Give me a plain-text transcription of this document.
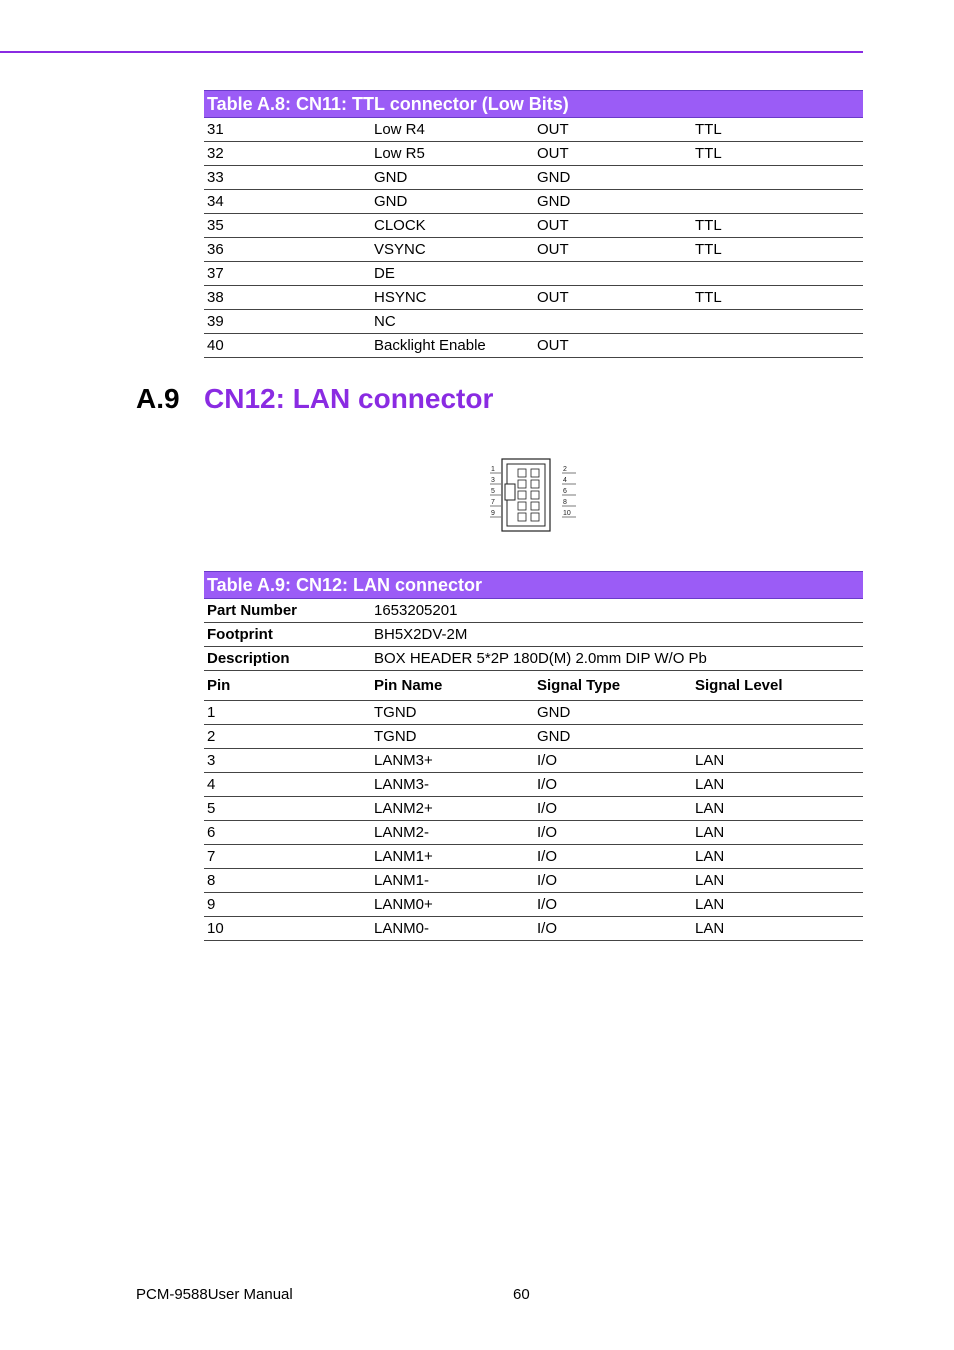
Table A.8: CN11: TTL connector (Low Bits)			
31	Low R4	OUT	TTL
32	Low R5	OUT	TTL
33	GND	GND	
34	GND	GND	
35	CLOCK	OUT	TTL
36	VSYNC	OUT	TTL
37	DE		
38	HSYNC	OUT	TTL
39	NC		
40	Backlight Enable	OUT	
A.9 CN12: LAN connector
1
3
5
7
9
2
4
6
8
10
Table A.9: CN12: LAN connector			
Part Number	1653205201		
Footprint	BH5X2DV-2M		
Description	BOX HEADER 5*2P 180D(M) 2.0mm DIP W/O Pb		
Pin	Pin Name	Signal Type	Signal Level
1	TGND	GND	
2	TGND	GND	
3	LANM3+	I/O	LAN
4	LANM3-	I/O	LAN
5	LANM2+	I/O	LAN
6	LANM2-	I/O	LAN
7	LANM1+	I/O	LAN
8	LANM1-	I/O	LAN
9	LANM0+	I/O	LAN
10	LANM0-	I/O	LAN
PCM-9588User Manual	60
